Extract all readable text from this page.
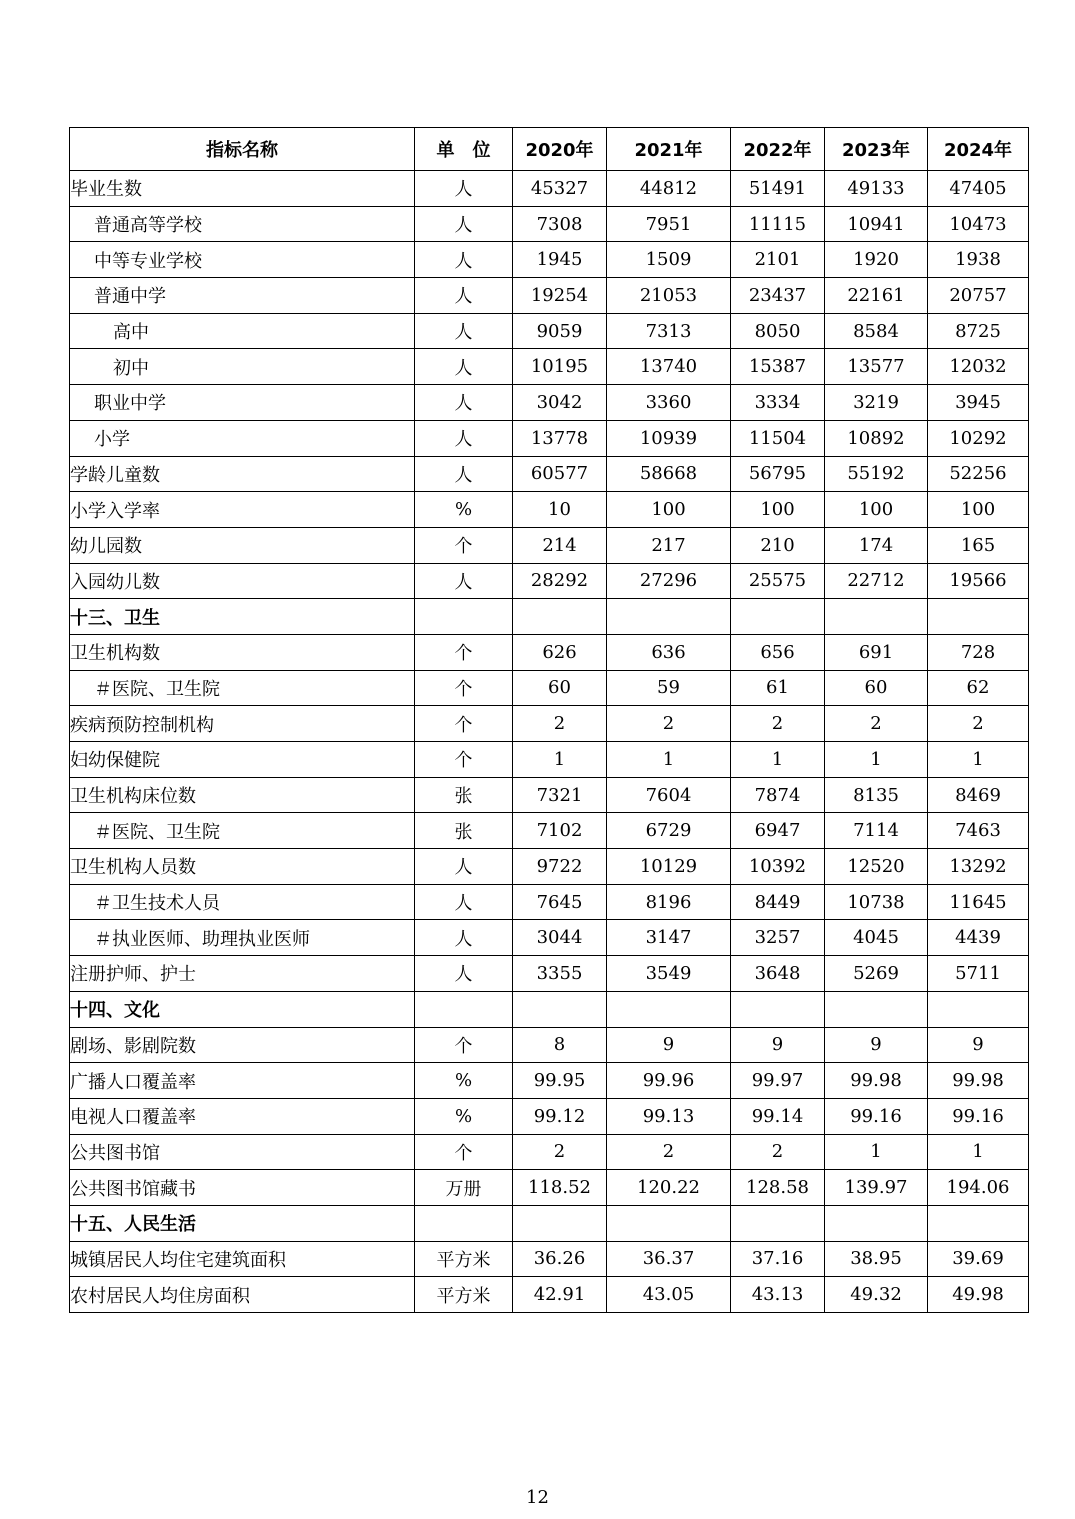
指标名称	单　位	2020年	2021年	2022年	2023年	2024年
毕业生数	人	45327	44812	51491	49133	47405
普通高等学校	人	7308	7951	11115	10941	10473
中等专业学校	人	1945	1509	2101	1920	1938
普通中学	人	19254	21053	23437	22161	20757
高中	人	9059	7313	8050	8584	8725
初中	人	10195	13740	15387	13577	12032
职业中学	人	3042	3360	3334	3219	3945
小学	人	13778	10939	11504	10892	10292
学龄儿童数	人	60577	58668	56795	55192	52256
小学入学率	%	10	100	100	100	100
幼儿园数	个	214	217	210	174	165
入园幼儿数	人	28292	27296	25575	22712	19566
十三、卫生						
卫生机构数	个	626	636	656	691	728
＃医院、卫生院	个	60	59	61	60	62
疾病预防控制机构	个	2	2	2	2	2
妇幼保健院	个	1	1	1	1	1
卫生机构床位数	张	7321	7604	7874	8135	8469
＃医院、卫生院	张	7102	6729	6947	7114	7463
卫生机构人员数	人	9722	10129	10392	12520	13292
＃卫生技术人员	人	7645	8196	8449	10738	11645
＃执业医师、助理执业医师	人	3044	3147	3257	4045	4439
注册护师、护士	人	3355	3549	3648	5269	5711
十四、文化						
剧场、影剧院数	个	8	9	9	9	9
广播人口覆盖率	%	99.95	99.96	99.97	99.98	99.98
电视人口覆盖率	%	99.12	99.13	99.14	99.16	99.16
公共图书馆	个	2	2	2	1	1
公共图书馆藏书	万册	118.52	120.22	128.58	139.97	194.06
十五、人民生活						
城镇居民人均住宅建筑面积	平方米	36.26	36.37	37.16	38.95	39.69
农村居民人均住房面积	平方米	42.91	43.05	43.13	49.32	49.98
12
